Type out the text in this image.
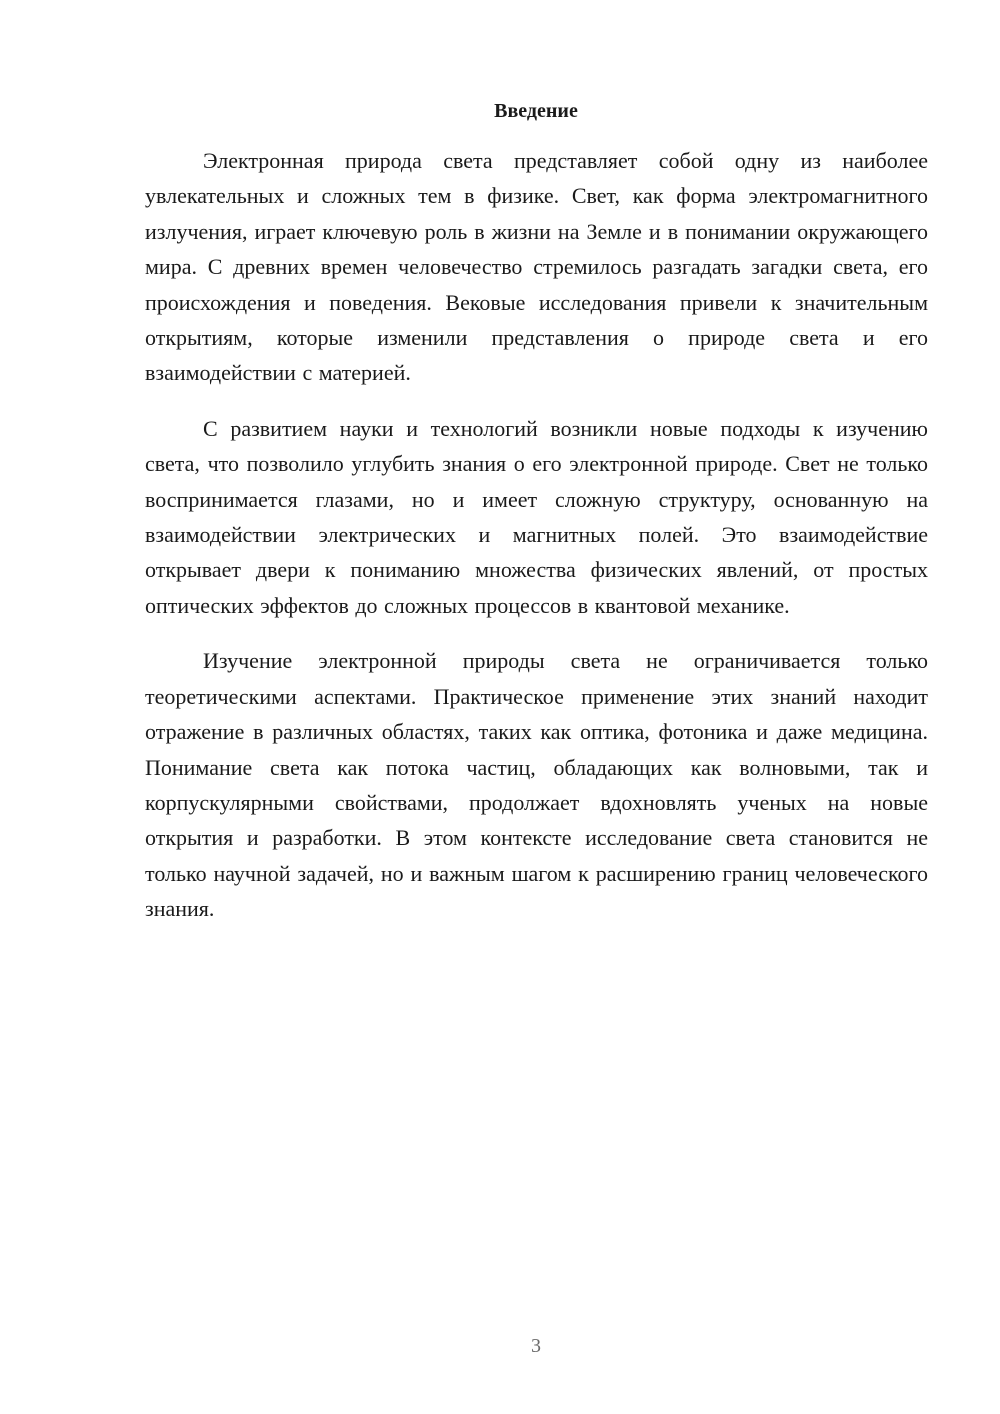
Введение

Электронная природа света представляет собой одну из наиболее увлекательных и сложных тем в физике. Свет, как форма электромагнитного излучения, играет ключевую роль в жизни на Земле и в понимании окружающего мира. С древних времен человечество стремилось разгадать загадки света, его происхождения и поведения. Вековые исследования привели к значительным открытиям, которые изменили представления о природе света и его взаимодействии с материей.

С развитием науки и технологий возникли новые подходы к изучению света, что позволило углубить знания о его электронной природе. Свет не только воспринимается глазами, но и имеет сложную структуру, основанную на взаимодействии электрических и магнитных полей. Это взаимодействие открывает двери к пониманию множества физических явлений, от простых оптических эффектов до сложных процессов в квантовой механике.

Изучение электронной природы света не ограничивается только теоретическими аспектами. Практическое применение этих знаний находит отражение в различных областях, таких как оптика, фотоника и даже медицина. Понимание света как потока частиц, обладающих как волновыми, так и корпускулярными свойствами, продолжает вдохновлять ученых на новые открытия и разработки. В этом контексте исследование света становится не только научной задачей, но и важным шагом к расширению границ человеческого знания.

3
